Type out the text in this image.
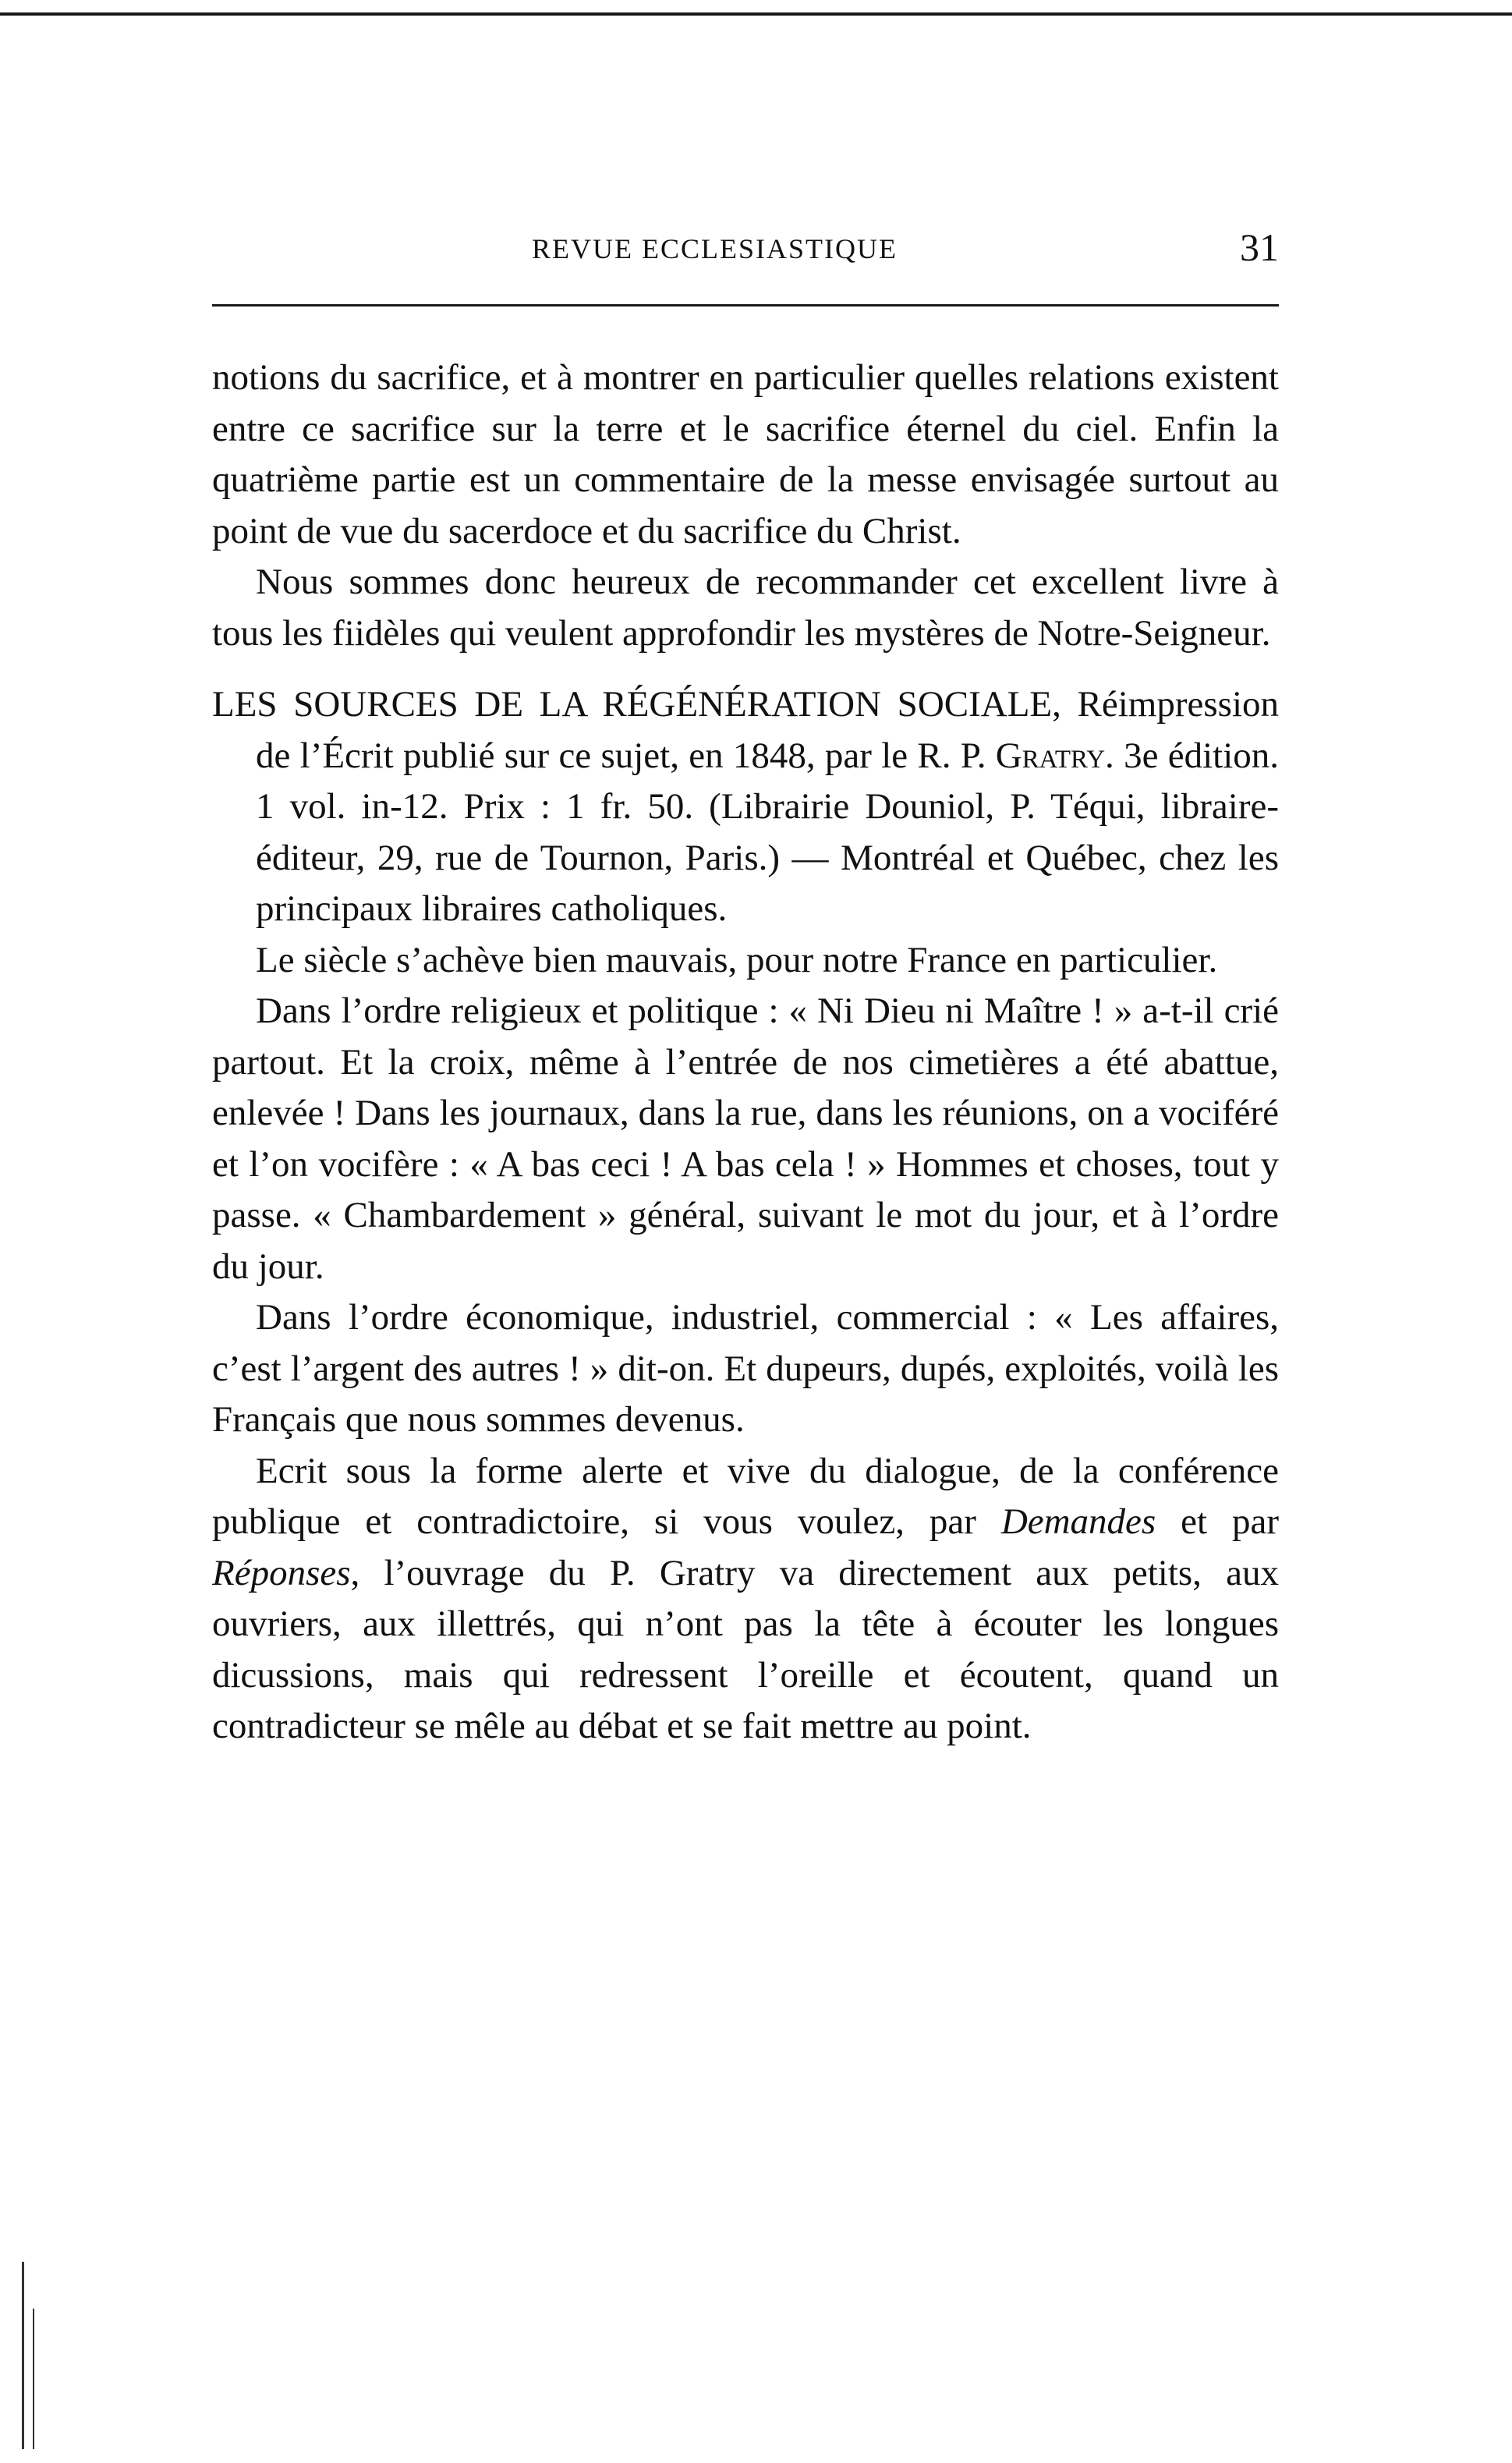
REVUE ECCLESIASTIQUE	31

notions du sacrifice, et à montrer en particulier quelles relations existent entre ce sacrifice sur la terre et le sacrifice éternel du ciel. Enfin la quatrième partie est un commentaire de la messe envisagée surtout au point de vue du sacerdoce et du sacrifice du Christ.

Nous sommes donc heureux de recommander cet excellent livre à tous les fiidèles qui veulent approfondir les mystères de Notre-Seigneur.

LES SOURCES DE LA RÉGÉNÉRATION SOCIALE, Réimpression de l’Écrit publié sur ce sujet, en 1848, par le R. P. Gratry. 3e édition. 1 vol. in-12. Prix : 1 fr. 50. (Librairie Douniol, P. Téqui, libraire-éditeur, 29, rue de Tournon, Paris.) — Montréal et Québec, chez les principaux libraires catholiques.

Le siècle s’achève bien mauvais, pour notre France en particulier.

Dans l’ordre religieux et politique : « Ni Dieu ni Maître ! » a-t-il crié partout. Et la croix, même à l’entrée de nos cimetières a été abattue, enlevée ! Dans les journaux, dans la rue, dans les réunions, on a vociféré et l’on vocifère : « A bas ceci ! A bas cela ! » Hommes et choses, tout y passe. « Chambardement » général, suivant le mot du jour, et à l’ordre du jour.

Dans l’ordre économique, industriel, commercial : « Les affaires, c’est l’argent des autres ! » dit-on. Et dupeurs, dupés, exploités, voilà les Français que nous sommes devenus.

Ecrit sous la forme alerte et vive du dialogue, de la conférence publique et contradictoire, si vous voulez, par Demandes et par Réponses, l’ouvrage du P. Gratry va directement aux petits, aux ouvriers, aux illettrés, qui n’ont pas la tête à écouter les longues dicussions, mais qui redressent l’oreille et écoutent, quand un contradicteur se mêle au débat et se fait mettre au point.
